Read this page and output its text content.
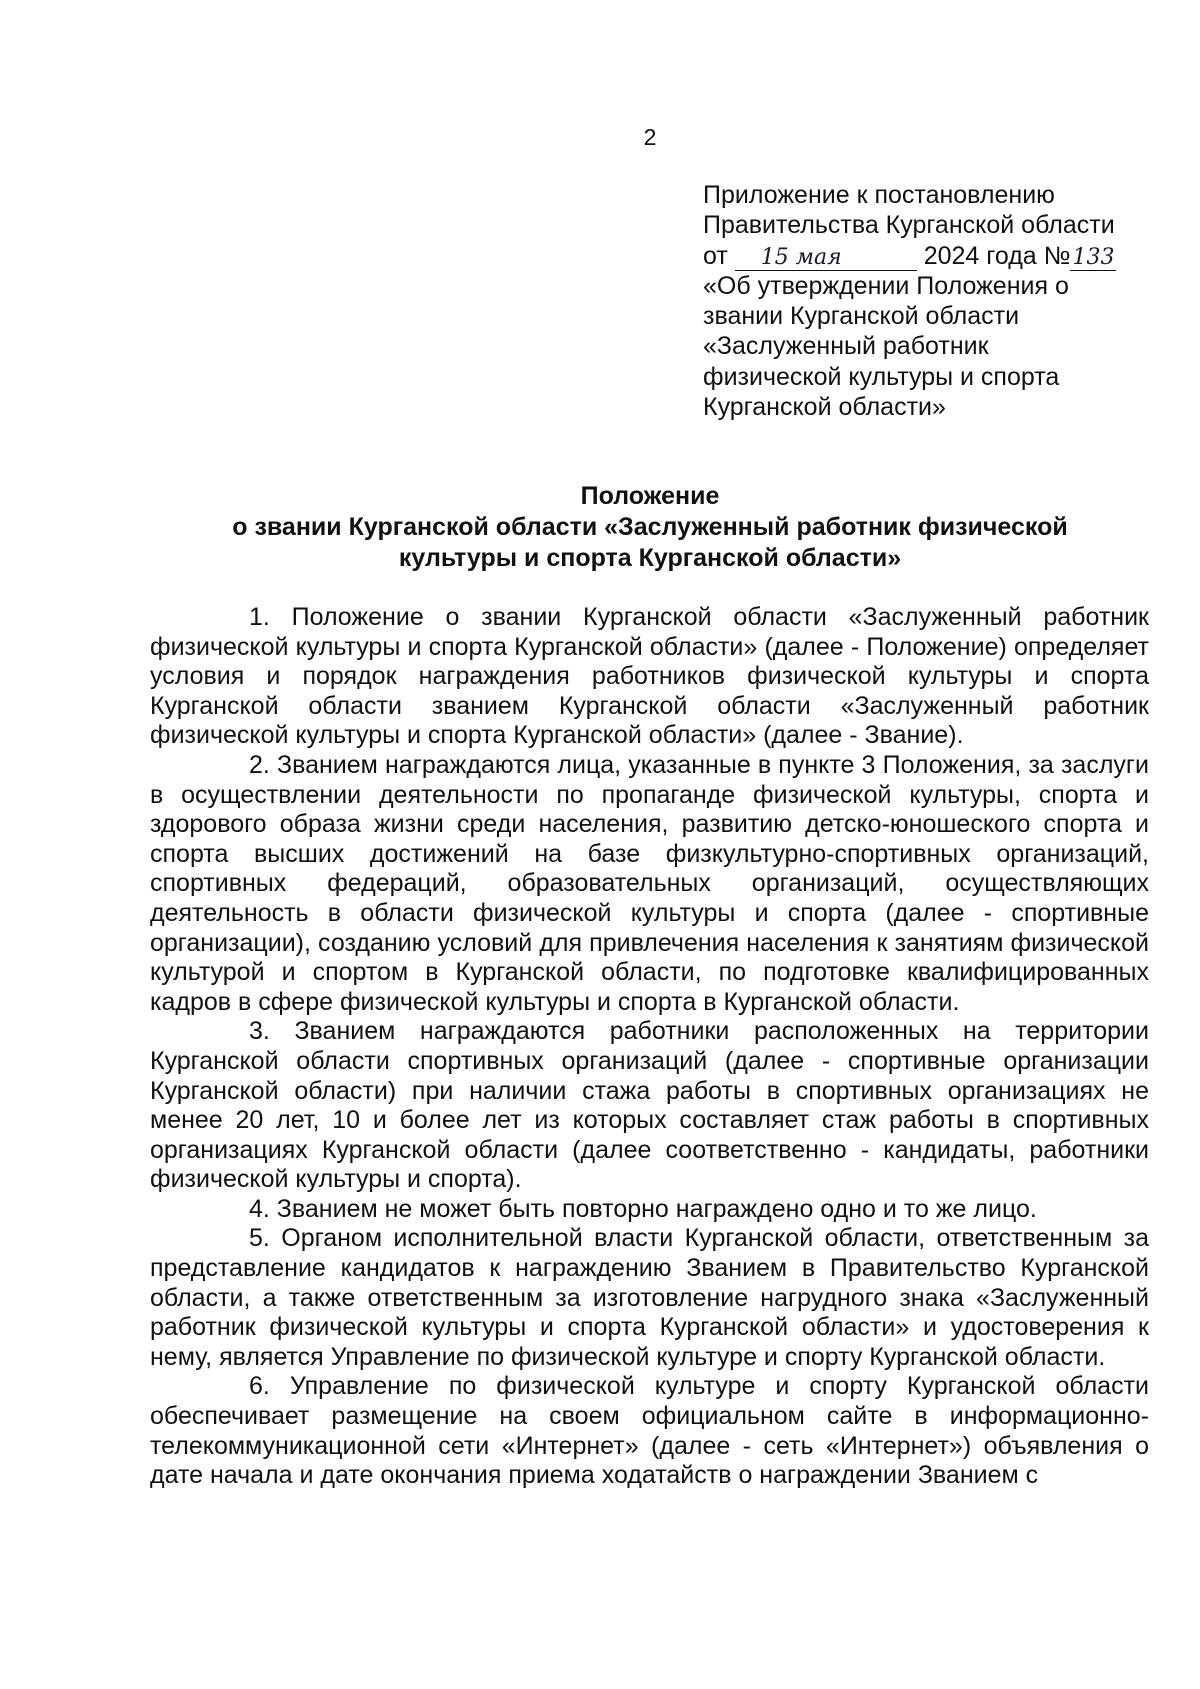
2
Приложение к постановлению
Правительства Курганской области
от 15 мая	2024 года №133
«Об утверждении Положения о
звании Курганской области
«Заслуженный работник
физической культуры и спорта
Курганской области»
Положение
о звании Курганской области «Заслуженный работник физической
культуры и спорта Курганской области»

1. Положение о звании Курганской области «Заслуженный работник физической культуры и спорта Курганской области» (далее - Положение) определяет условия и порядок награждения работников физической культуры и спорта Курганской области званием Курганской области «Заслуженный работник физической культуры и спорта Курганской области» (далее - Звание).

2. Званием награждаются лица, указанные в пункте 3 Положения, за заслуги в осуществлении деятельности по пропаганде физической культуры, спорта и здорового образа жизни среди населения, развитию детско-юношеского спорта и спорта высших достижений на базе физкультурно-спортивных организаций, спортивных федераций, образовательных организаций, осуществляющих деятельность в области физической культуры и спорта (далее - спортивные организации), созданию условий для привлечения населения к занятиям физической культурой и спортом в Курганской области, по подготовке квалифицированных кадров в сфере физической культуры и спорта в Курганской области.

3. Званием награждаются работники расположенных на территории Курганской области спортивных организаций (далее - спортивные организации Курганской области) при наличии стажа работы в спортивных организациях не менее 20 лет, 10 и более лет из которых составляет стаж работы в спортивных организациях Курганской области (далее соответственно - кандидаты, работники физической культуры и спорта).

4. Званием не может быть повторно награждено одно и то же лицо.

5. Органом исполнительной власти Курганской области, ответственным за представление кандидатов к награждению Званием в Правительство Курганской области, а также ответственным за изготовление нагрудного знака «Заслуженный работник физической культуры и спорта Курганской области» и удостоверения к нему, является Управление по физической культуре и спорту Курганской области.

6. Управление по физической культуре и спорту Курганской области обеспечивает размещение на своем официальном сайте в информационно-телекоммуникационной сети «Интернет» (далее - сеть «Интернет») объявления о дате начала и дате окончания приема ходатайств о награждении Званием с
